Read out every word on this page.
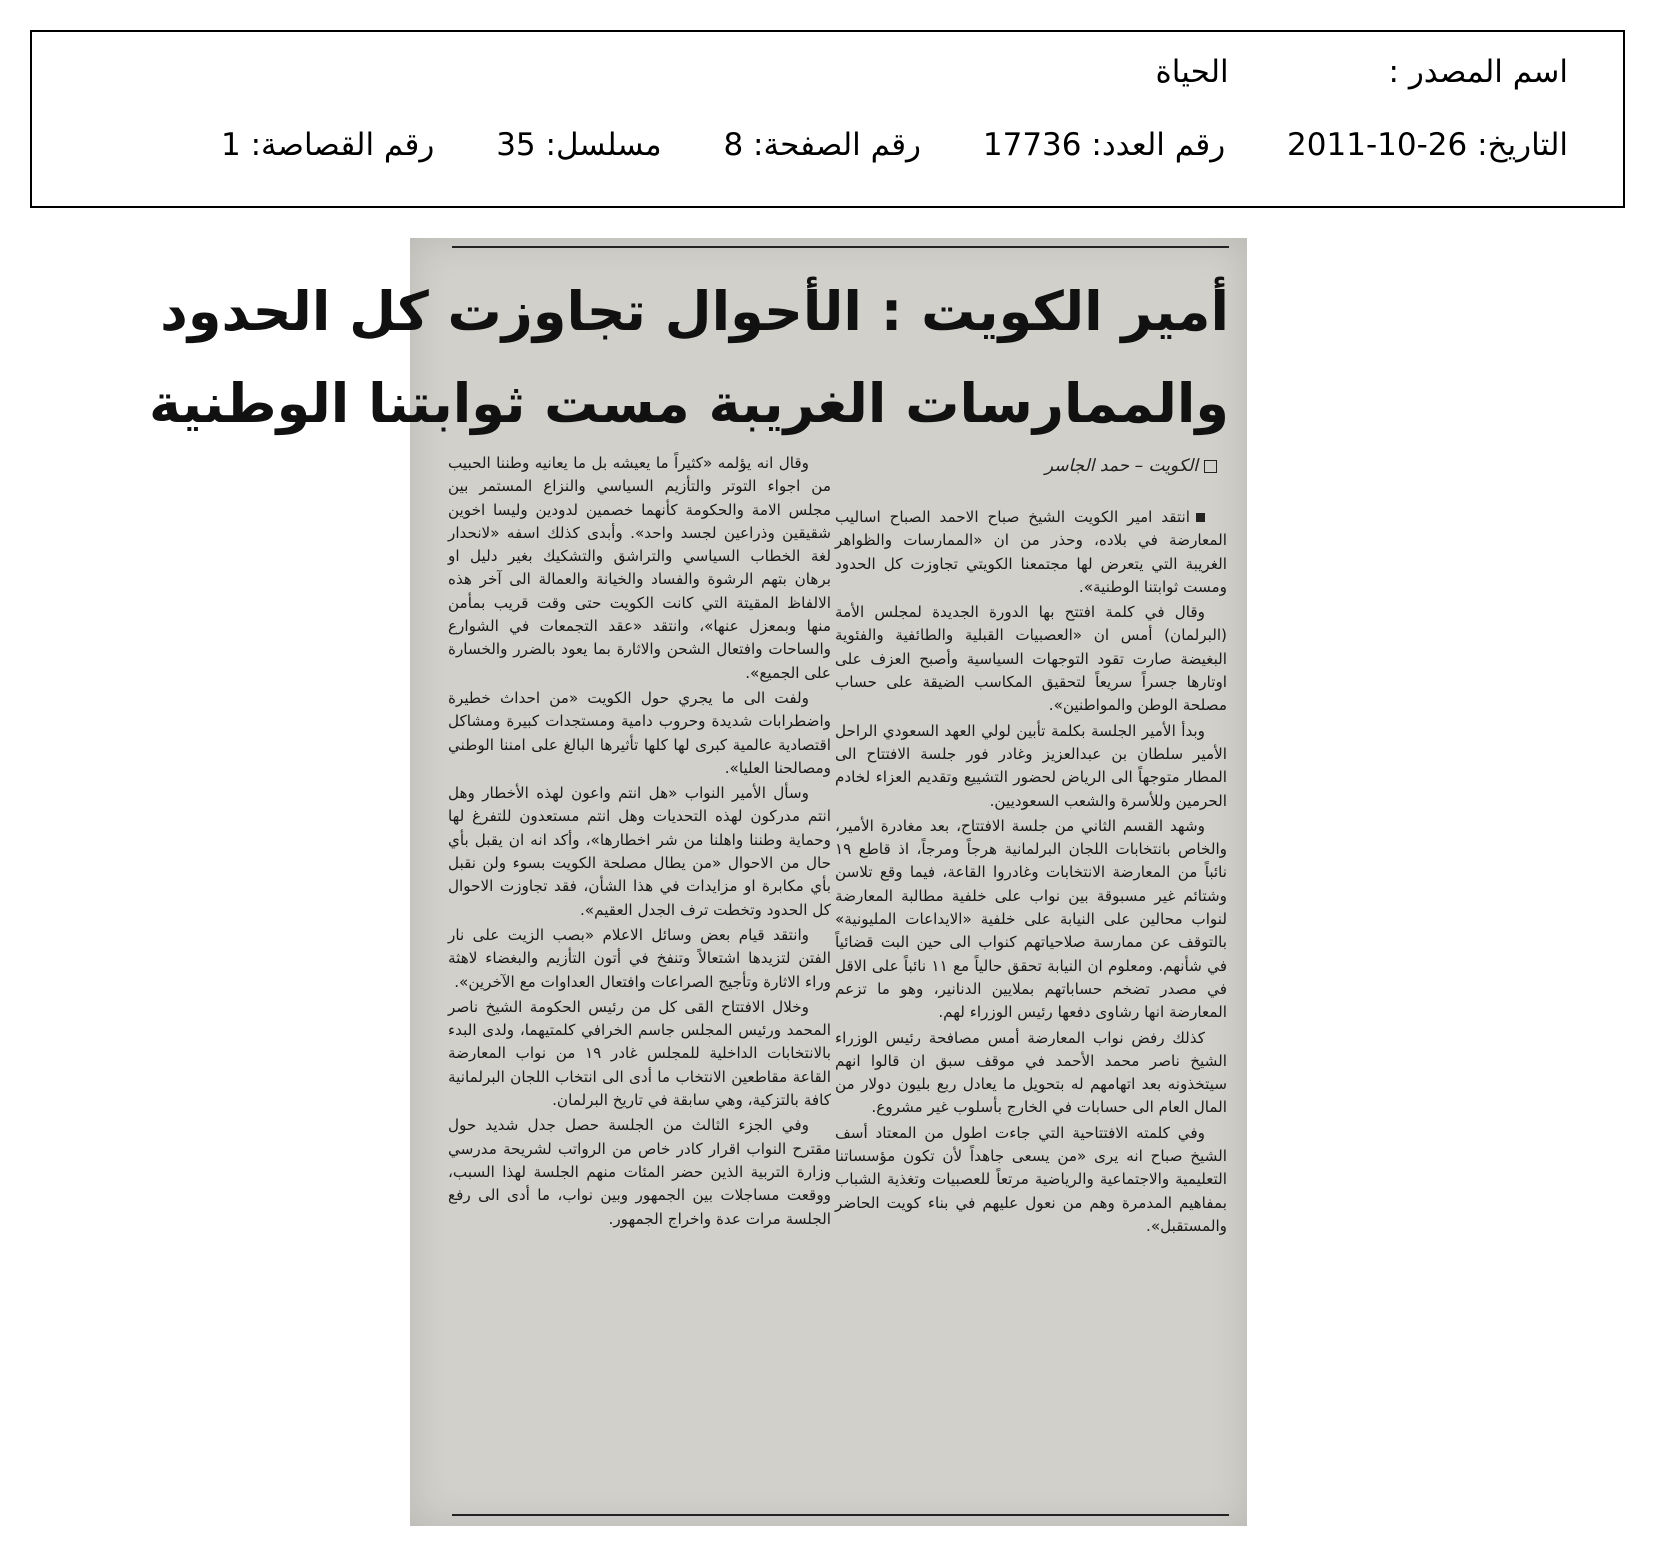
اسم المصدر : الحياة
التاريخ: 26-10-2011 رقم العدد: 17736 رقم الصفحة: 8 مسلسل: 35 رقم القصاصة: 1
أمير الكويت : الأحوال تجاوزت كل الحدود
والممارسات الغريبة مست ثوابتنا الوطنية
الكويت – حمد الجاسر

انتقد امير الكويت الشيخ صباح الاحمد الصباح اساليب المعارضة في بلاده، وحذر من ان «الممارسات والظواهر الغريبة التي يتعرض لها مجتمعنا الكويتي تجاوزت كل الحدود ومست ثوابتنا الوطنية».

وقال في كلمة افتتح بها الدورة الجديدة لمجلس الأمة (البرلمان) أمس ان «العصبيات القبلية والطائفية والفئوية البغيضة صارت تقود التوجهات السياسية وأصبح العزف على اوتارها جسراً سريعاً لتحقيق المكاسب الضيقة على حساب مصلحة الوطن والمواطنين».

وبدأ الأمير الجلسة بكلمة تأبين لولي العهد السعودي الراحل الأمير سلطان بن عبدالعزيز وغادر فور جلسة الافتتاح الى المطار متوجهاً الى الرياض لحضور التشييع وتقديم العزاء لخادم الحرمين وللأسرة والشعب السعوديين.

وشهد القسم الثاني من جلسة الافتتاح، بعد مغادرة الأمير، والخاص بانتخابات اللجان البرلمانية هرجاً ومرجاً، اذ قاطع ١٩ نائباً من المعارضة الانتخابات وغادروا القاعة، فيما وقع تلاسن وشتائم غير مسبوقة بين نواب على خلفية مطالبة المعارضة لنواب محالين على النيابة على خلفية «الايداعات المليونية» بالتوقف عن ممارسة صلاحياتهم كنواب الى حين البت قضائياً في شأنهم. ومعلوم ان النيابة تحقق حالياً مع ١١ نائباً على الاقل في مصدر تضخم حساباتهم بملايين الدنانير، وهو ما تزعم المعارضة انها رشاوى دفعها رئيس الوزراء لهم.

كذلك رفض نواب المعارضة أمس مصافحة رئيس الوزراء الشيخ ناصر محمد الأحمد في موقف سبق ان قالوا انهم سيتخذونه بعد اتهامهم له بتحويل ما يعادل ربع بليون دولار من المال العام الى حسابات في الخارج بأسلوب غير مشروع.

وفي كلمته الافتتاحية التي جاءت اطول من المعتاد أسف الشيخ صباح انه يرى «من يسعى جاهداً لأن تكون مؤسساتنا التعليمية والاجتماعية والرياضية مرتعاً للعصبيات وتغذية الشباب بمفاهيم المدمرة وهم من نعول عليهم في بناء كويت الحاضر والمستقبل».

وقال انه يؤلمه «كثيراً ما يعيشه بل ما يعانيه وطننا الحبيب من اجواء التوتر والتأزيم السياسي والنزاع المستمر بين مجلس الامة والحكومة كأنهما خصمين لدودين وليسا اخوين شقيقين وذراعين لجسد واحد». وأبدى كذلك اسفه «لانحدار لغة الخطاب السياسي والتراشق والتشكيك بغير دليل او برهان بتهم الرشوة والفساد والخيانة والعمالة الى آخر هذه الالفاظ المقيتة التي كانت الكويت حتى وقت قريب بمأمن منها وبمعزل عنها»، وانتقد «عقد التجمعات في الشوارع والساحات وافتعال الشحن والاثارة بما يعود بالضرر والخسارة على الجميع».

ولفت الى ما يجري حول الكويت «من احداث خطيرة واضطرابات شديدة وحروب دامية ومستجدات كبيرة ومشاكل اقتصادية عالمية كبرى لها كلها تأثيرها البالغ على امننا الوطني ومصالحنا العليا».

وسأل الأمير النواب «هل انتم واعون لهذه الأخطار وهل انتم مدركون لهذه التحديات وهل انتم مستعدون للتفرغ لها وحماية وطننا واهلنا من شر اخطارها»، وأكد انه ان يقبل بأي حال من الاحوال «من يطال مصلحة الكويت بسوء ولن نقبل بأي مكابرة او مزايدات في هذا الشأن، فقد تجاوزت الاحوال كل الحدود وتخطت ترف الجدل العقيم».

وانتقد قيام بعض وسائل الاعلام «بصب الزيت على نار الفتن لتزيدها اشتعالاً وتنفخ في أتون التأزيم والبغضاء لاهثة وراء الاثارة وتأجيج الصراعات وافتعال العداوات مع الآخرين».

وخلال الافتتاح القى كل من رئيس الحكومة الشيخ ناصر المحمد ورئيس المجلس جاسم الخرافي كلمتيهما، ولدى البدء بالانتخابات الداخلية للمجلس غادر ١٩ من نواب المعارضة القاعة مقاطعين الانتخاب ما أدى الى انتخاب اللجان البرلمانية كافة بالتزكية، وهي سابقة في تاريخ البرلمان.

وفي الجزء الثالث من الجلسة حصل جدل شديد حول مقترح النواب اقرار كادر خاص من الرواتب لشريحة مدرسي وزارة التربية الذين حضر المئات منهم الجلسة لهذا السبب، ووقعت مساجلات بين الجمهور وبين نواب، ما أدى الى رفع الجلسة مرات عدة واخراج الجمهور.
